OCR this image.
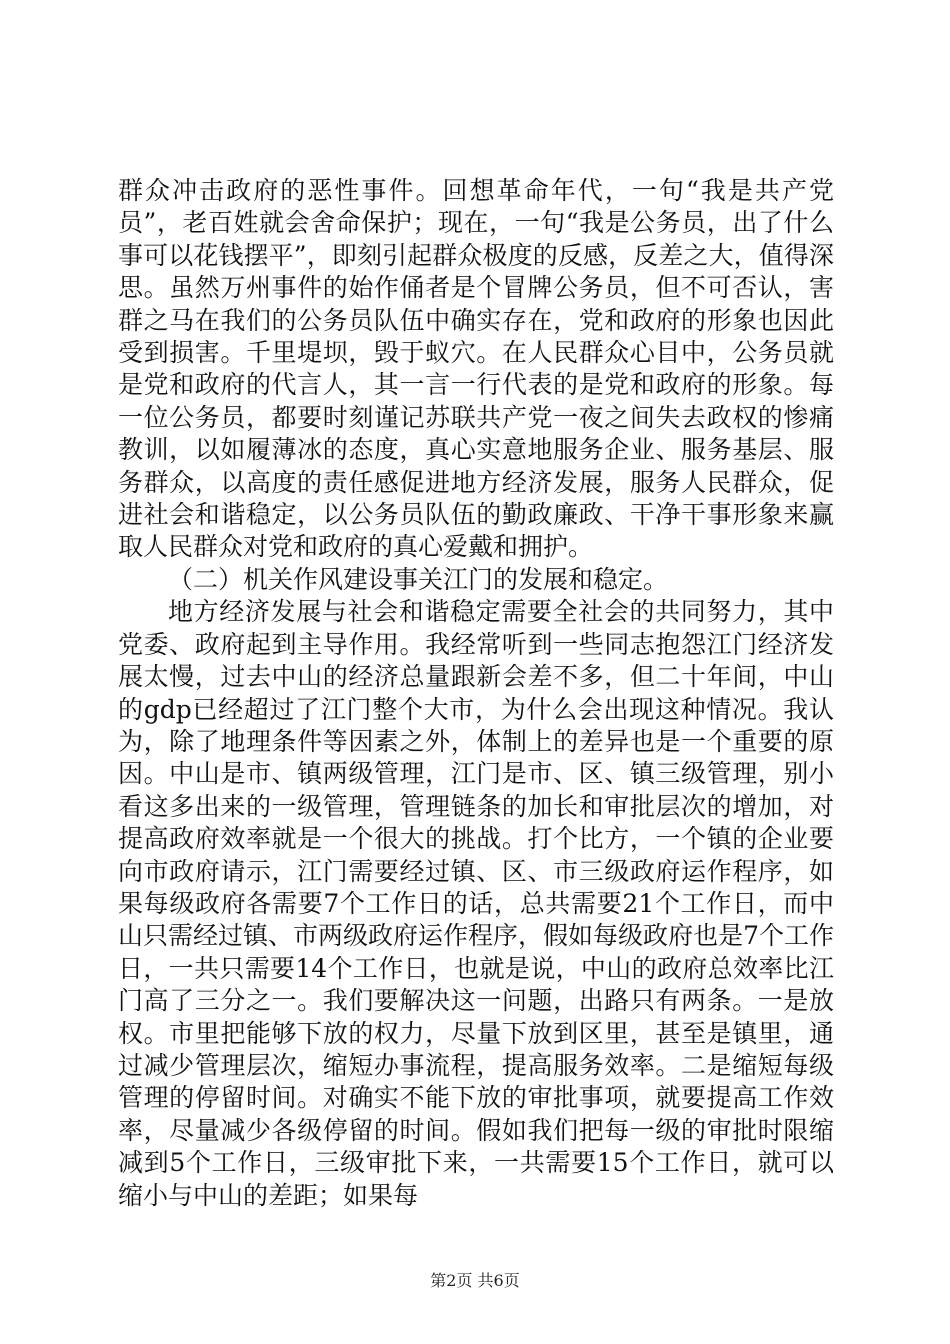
群众冲击政府的恶性事件。回想革命年代，一句“我是共产党员”，老百姓就会舍命保护；现在，一句“我是公务员，出了什么事可以花钱摆平”，即刻引起群众极度的反感，反差之大，值得深思。虽然万州事件的始作俑者是个冒牌公务员，但不可否认，害群之马在我们的公务员队伍中确实存在，党和政府的形象也因此受到损害。千里堤坝，毁于蚁穴。在人民群众心目中，公务员就是党和政府的代言人，其一言一行代表的是党和政府的形象。每一位公务员，都要时刻谨记苏联共产党一夜之间失去政权的惨痛教训，以如履薄冰的态度，真心实意地服务企业、服务基层、服务群众，以高度的责任感促进地方经济发展，服务人民群众，促进社会和谐稳定，以公务员队伍的勤政廉政、干净干事形象来赢取人民群众对党和政府的真心爱戴和拥护。

（二）机关作风建设事关江门的发展和稳定。

地方经济发展与社会和谐稳定需要全社会的共同努力，其中党委、政府起到主导作用。我经常听到一些同志抱怨江门经济发展太慢，过去中山的经济总量跟新会差不多，但二十年间，中山的gdp已经超过了江门整个大市，为什么会出现这种情况。我认为，除了地理条件等因素之外，体制上的差异也是一个重要的原因。中山是市、镇两级管理，江门是市、区、镇三级管理，别小看这多出来的一级管理，管理链条的加长和审批层次的增加，对提高政府效率就是一个很大的挑战。打个比方，一个镇的企业要向市政府请示，江门需要经过镇、区、市三级政府运作程序，如果每级政府各需要7个工作日的话，总共需要21个工作日，而中山只需经过镇、市两级政府运作程序，假如每级政府也是7个工作日，一共只需要14个工作日，也就是说，中山的政府总效率比江门高了三分之一。我们要解决这一问题，出路只有两条。一是放权。市里把能够下放的权力，尽量下放到区里，甚至是镇里，通过减少管理层次，缩短办事流程，提高服务效率。二是缩短每级管理的停留时间。对确实不能下放的审批事项，就要提高工作效率，尽量减少各级停留的时间。假如我们把每一级的审批时限缩减到5个工作日，三级审批下来，一共需要15个工作日，就可以缩小与中山的差距；如果每

第2页 共6页
